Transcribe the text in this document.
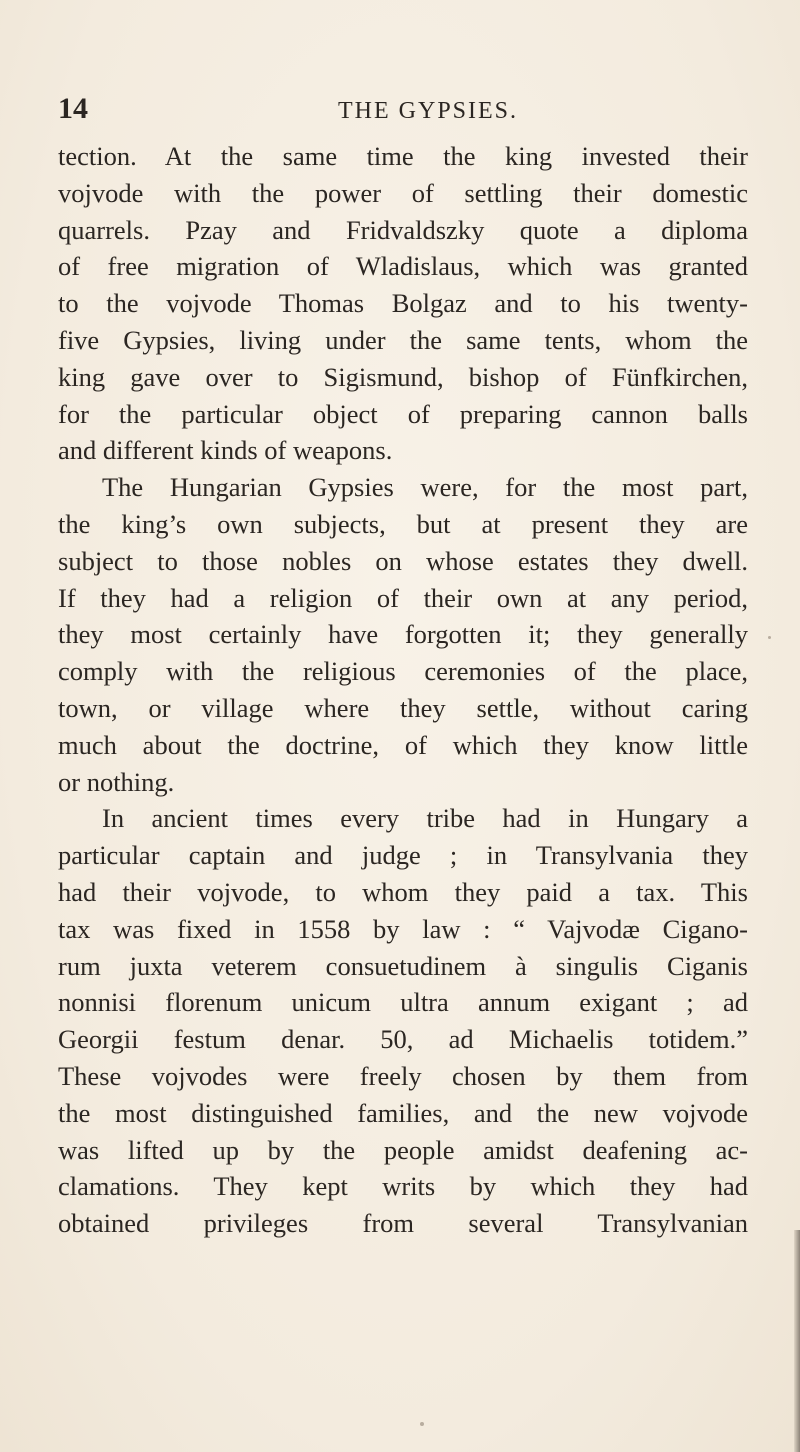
14	THE GYPSIES.
tection. At the same time the king invested their
vojvode with the power of settling their domestic
quarrels. Pzay and Fridvaldszky quote a diploma
of free migration of Wladislaus, which was granted
to the vojvode Thomas Bolgaz and to his twenty-
five Gypsies, living under the same tents, whom the
king gave over to Sigismund, bishop of Fünfkirchen,
for the particular object of preparing cannon balls
and different kinds of weapons.
The Hungarian Gypsies were, for the most part,
the king’s own subjects, but at present they are
subject to those nobles on whose estates they dwell.
If they had a religion of their own at any period,
they most certainly have forgotten it; they generally
comply with the religious ceremonies of the place,
town, or village where they settle, without caring
much about the doctrine, of which they know little
or nothing.
In ancient times every tribe had in Hungary a
particular captain and judge ; in Transylvania they
had their vojvode, to whom they paid a tax. This
tax was fixed in 1558 by law : “ Vajvodæ Cigano-
rum juxta veterem consuetudinem à singulis Ciganis
nonnisi florenum unicum ultra annum exigant ; ad
Georgii festum denar. 50, ad Michaelis totidem.”
These vojvodes were freely chosen by them from
the most distinguished families, and the new vojvode
was lifted up by the people amidst deafening ac-
clamations. They kept writs by which they had
obtained privileges from several Transylvanian
